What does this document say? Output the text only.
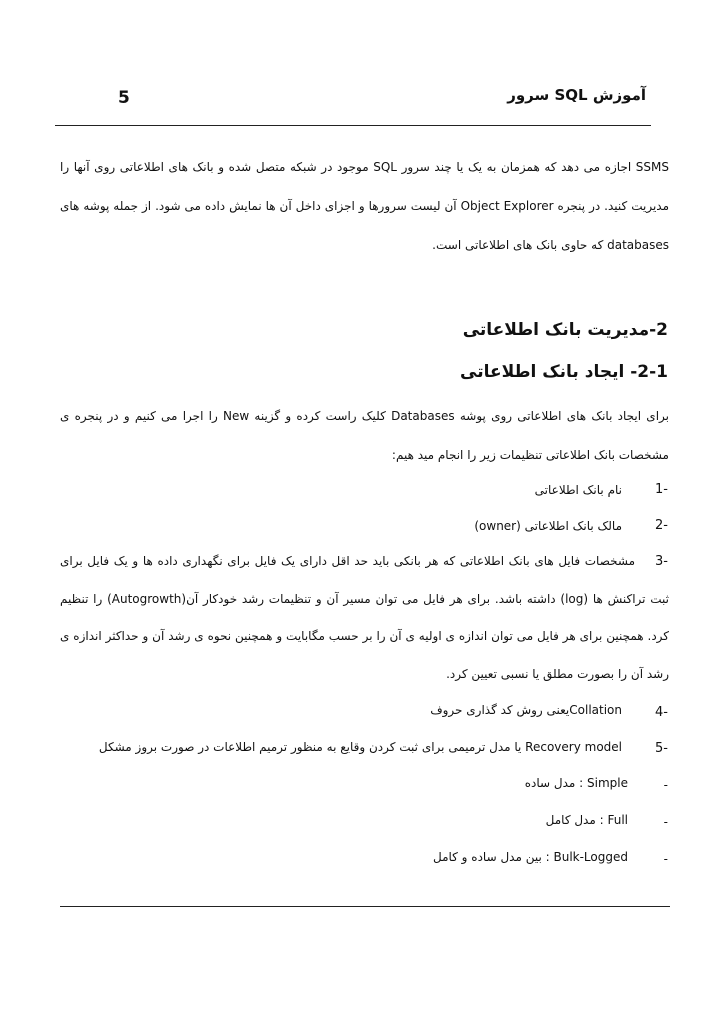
5	آموزش SQL سرور
SSMS اجازه می دهد که همزمان به یک یا چند سرور SQL موجود در شبکه متصل شده و بانک های اطلاعاتی روی آنها را مدیریت کنید. در پنجره Object Explorer آن لیست سرورها و اجزای داخل آن ها نمایش داده می شود. از جمله پوشه های databases که حاوی بانک های اطلاعاتی است.
2-مدیریت بانک اطلاعاتی
2-1- ایجاد بانک اطلاعاتی
برای ایجاد بانک های اطلاعاتی روی پوشه Databases کلیک راست کرده و گزینه New را اجرا می کنیم و در پنجره ی مشخصات بانک اطلاعاتی تنظیمات زیر را انجام مید هیم:
1-
نام بانک اطلاعاتی
2-
مالک بانک اطلاعاتی (owner)
3-
مشخصات فایل های بانک اطلاعاتی که هر بانکی باید حد اقل دارای یک فایل برای نگهداری داده ها و یک فایل برای ثبت تراکنش ها (log) داشته باشد. برای هر فایل می توان مسیر آن و تنظیمات رشد خودکار آن(Autogrowth) را تنظیم کرد. همچنین برای هر فایل می توان اندازه ی اولیه ی آن را بر حسب مگابایت و همچنین نحوه ی رشد آن و حداکثر اندازه ی رشد آن را بصورت مطلق یا نسبی تعیین کرد.
4-
Collationیعنی روش کد گذاری حروف
5-
Recovery model یا مدل ترمیمی برای ثبت کردن وقایع به منظور ترمیم اطلاعات در صورت بروز مشکل
-
Simple : مدل ساده
-
Full : مدل کامل
-
Bulk-Logged : بین مدل ساده و کامل
